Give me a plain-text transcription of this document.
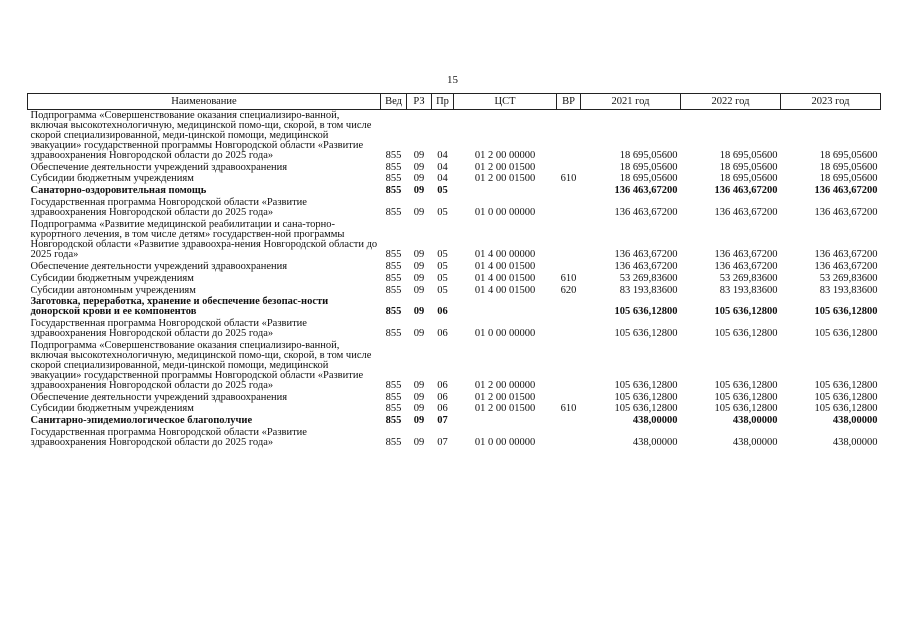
15
Наименование	Вед	РЗ	Пр	ЦСТ	ВР	2021 год	2022 год	2023 год
Подпрограмма «Совершенствование оказания специализиро-ванной, включая высокотехнологичную, медицинской помо-щи, скорой, в том числе скорой специализированной, меди-цинской помощи, медицинской эвакуации» государственной программы Новгородской области «Развитие здравоохранения Новгородской области до 2025 года»	855	09	04	01 2 00 00000		18 695,05600	18 695,05600	18 695,05600
Обеспечение деятельности учреждений здравоохранения	855	09	04	01 2 00 01500		18 695,05600	18 695,05600	18 695,05600
Субсидии бюджетным учреждениям	855	09	04	01 2 00 01500	610	18 695,05600	18 695,05600	18 695,05600
Санаторно-оздоровительная помощь	855	09	05			136 463,67200	136 463,67200	136 463,67200
Государственная программа Новгородской области «Развитие здравоохранения Новгородской области до 2025 года»	855	09	05	01 0 00 00000		136 463,67200	136 463,67200	136 463,67200
Подпрограмма «Развитие медицинской реабилитации и сана-торно-курортного лечения, в том числе детям» государствен-ной программы Новгородской области «Развитие здравоохра-нения Новгородской области до 2025 года»	855	09	05	01 4 00 00000		136 463,67200	136 463,67200	136 463,67200
Обеспечение деятельности учреждений здравоохранения	855	09	05	01 4 00 01500		136 463,67200	136 463,67200	136 463,67200
Субсидии бюджетным учреждениям	855	09	05	01 4 00 01500	610	53 269,83600	53 269,83600	53 269,83600
Субсидии автономным учреждениям	855	09	05	01 4 00 01500	620	83 193,83600	83 193,83600	83 193,83600
Заготовка, переработка, хранение и обеспечение безопас-ности донорской крови и ее компонентов	855	09	06			105 636,12800	105 636,12800	105 636,12800
Государственная программа Новгородской области «Развитие здравоохранения Новгородской области до 2025 года»	855	09	06	01 0 00 00000		105 636,12800	105 636,12800	105 636,12800
Подпрограмма «Совершенствование оказания специализиро-ванной, включая высокотехнологичную, медицинской помо-щи, скорой, в том числе скорой специализированной, меди-цинской помощи, медицинской эвакуации» государственной программы Новгородской области «Развитие здравоохранения Новгородской области до 2025 года»	855	09	06	01 2 00 00000		105 636,12800	105 636,12800	105 636,12800
Обеспечение деятельности учреждений здравоохранения	855	09	06	01 2 00 01500		105 636,12800	105 636,12800	105 636,12800
Субсидии бюджетным учреждениям	855	09	06	01 2 00 01500	610	105 636,12800	105 636,12800	105 636,12800
Санитарно-эпидемиологическое благополучие	855	09	07			438,00000	438,00000	438,00000
Государственная программа Новгородской области «Развитие здравоохранения Новгородской области до 2025 года»	855	09	07	01 0 00 00000		438,00000	438,00000	438,00000
